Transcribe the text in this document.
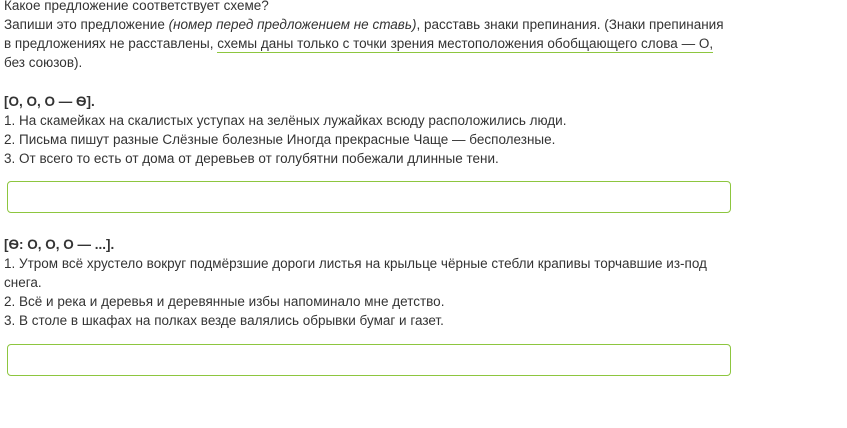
Какое предложение соответствует схеме?
Запиши это предложение (номер перед предложением не ставь), расставь знаки препинания. (Знаки препинания
в предложениях не расставлены, схемы даны только с точки зрения местоположения обобщающего слова — О,
без союзов).
[О, О, О — Ѳ].
1. На скамейках на скалистых уступах на зелёных лужайках всюду расположились люди.
2. Письма пишут разные Слёзные болезные Иногда прекрасные Чаще — бесполезные.
3. От всего то есть от дома от деревьев от голубятни побежали длинные тени.
[Ѳ: О, О, О — ...].
1. Утром всё хрустело вокруг подмёрзшие дороги листья на крыльце чёрные стебли крапивы торчавшие из-под
снега.
2. Всё и река и деревья и деревянные избы напоминало мне детство.
3. В столе в шкафах на полках везде валялись обрывки бумаг и газет.
